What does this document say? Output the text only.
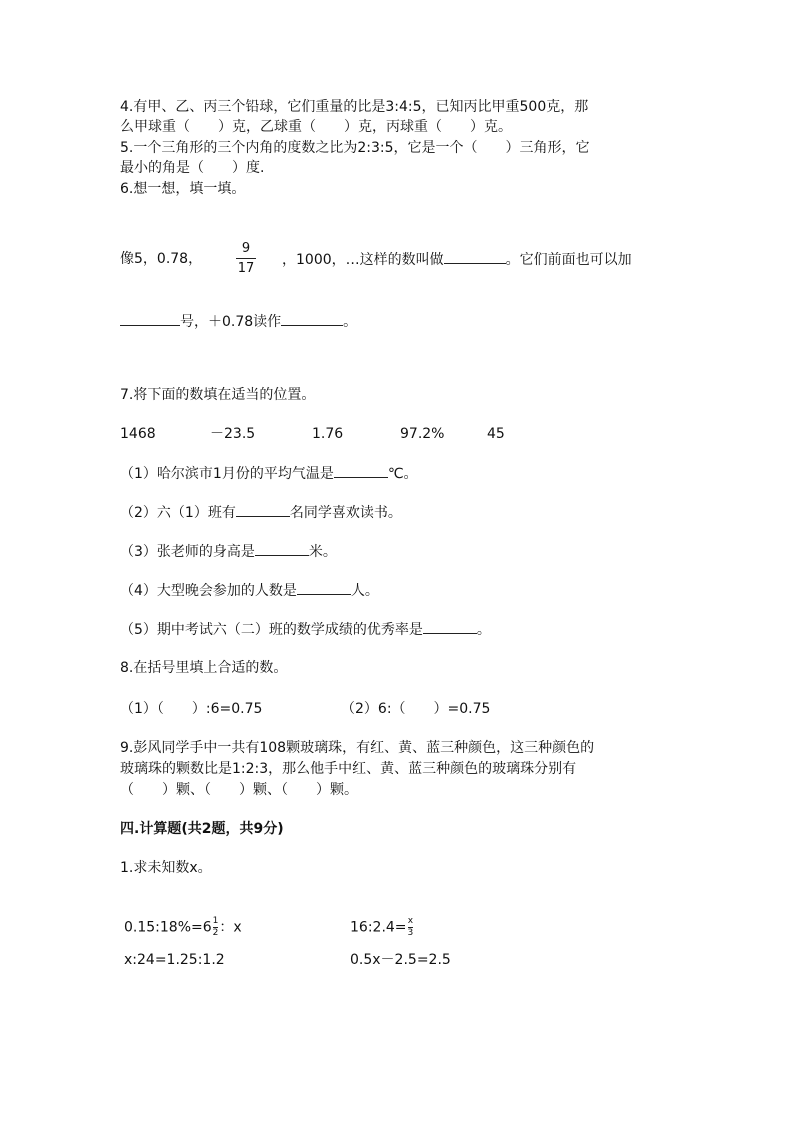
4.有甲、乙、丙三个铅球，它们重量的比是3:4:5，已知丙比甲重500克，那
么甲球重（　　）克，乙球重（　　）克，丙球重（　　）克。
5.一个三角形的三个内角的度数之比为2:3:5，它是一个（　　）三角形，它
最小的角是（　　）度.
6.想一想，填一填。
像5，0.78，
9
17
，1000，…这样的数叫做	。它们前面也可以加
号，＋0.78读作	。
7.将下面的数填在适当的位置。
1468	－23.5	1.76	97.2%	45
（1）哈尔滨市1月份的平均气温是	℃。
（2）六（1）班有	名同学喜欢读书。
（3）张老师的身高是	米。
（4）大型晚会参加的人数是	人。
（5）期中考试六（二）班的数学成绩的优秀率是	。
8.在括号里填上合适的数。
（1）（　　）:6=0.75	（2）6:（　　）=0.75
9.彭风同学手中一共有108颗玻璃珠，有红、黄、蓝三种颜色，这三种颜色的
玻璃珠的颗数比是1:2:3，那么他手中红、黄、蓝三种颜色的玻璃珠分别有
（　　）颗、（　　）颗、（　　）颗。
四.计算题(共2题，共9分)
1.求未知数x。
0.15:18%=6 $\frac{1}{2}$ ：x	16:2.4= $\frac{x}{3}$
x:24=1.25:1.2	0.5x－2.5=2.5
